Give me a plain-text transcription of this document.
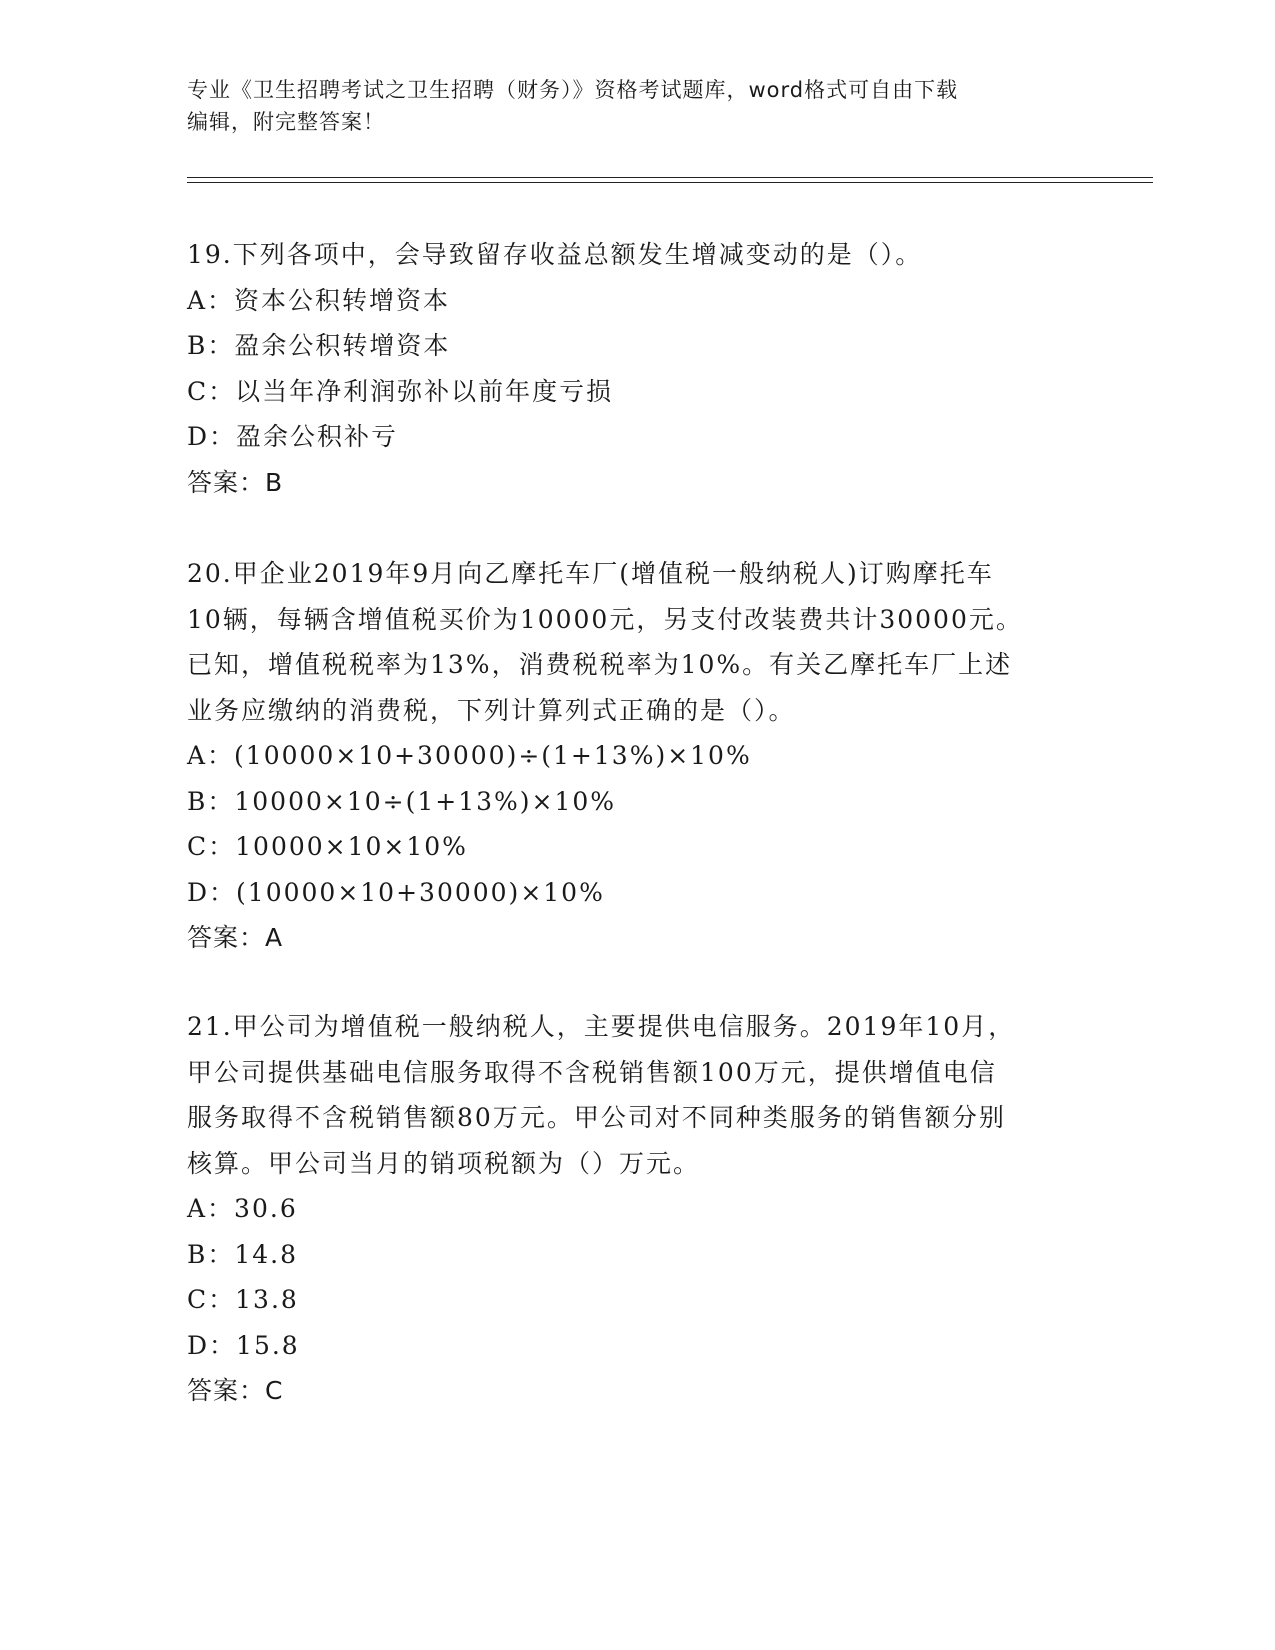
专业《卫生招聘考试之卫生招聘（财务）》资格考试题库，word格式可自由下载
编辑，附完整答案！
19.下列各项中，会导致留存收益总额发生增减变动的是（）。
A：资本公积转增资本
B：盈余公积转增资本
C：以当年净利润弥补以前年度亏损
D：盈余公积补亏
答案：B
20.甲企业2019年9月向乙摩托车厂(增值税一般纳税人)订购摩托车
10辆，每辆含增值税买价为10000元，另支付改装费共计30000元。
已知，增值税税率为13%，消费税税率为10%。有关乙摩托车厂上述
业务应缴纳的消费税，下列计算列式正确的是（）。
A：(10000×10+30000)÷(1+13%)×10%
B：10000×10÷(1+13%)×10%
C：10000×10×10%
D：(10000×10+30000)×10%
答案：A
21.甲公司为增值税一般纳税人，主要提供电信服务。2019年10月，
甲公司提供基础电信服务取得不含税销售额100万元，提供增值电信
服务取得不含税销售额80万元。甲公司对不同种类服务的销售额分别
核算。甲公司当月的销项税额为（）万元。
A：30.6
B：14.8
C：13.8
D：15.8
答案：C
